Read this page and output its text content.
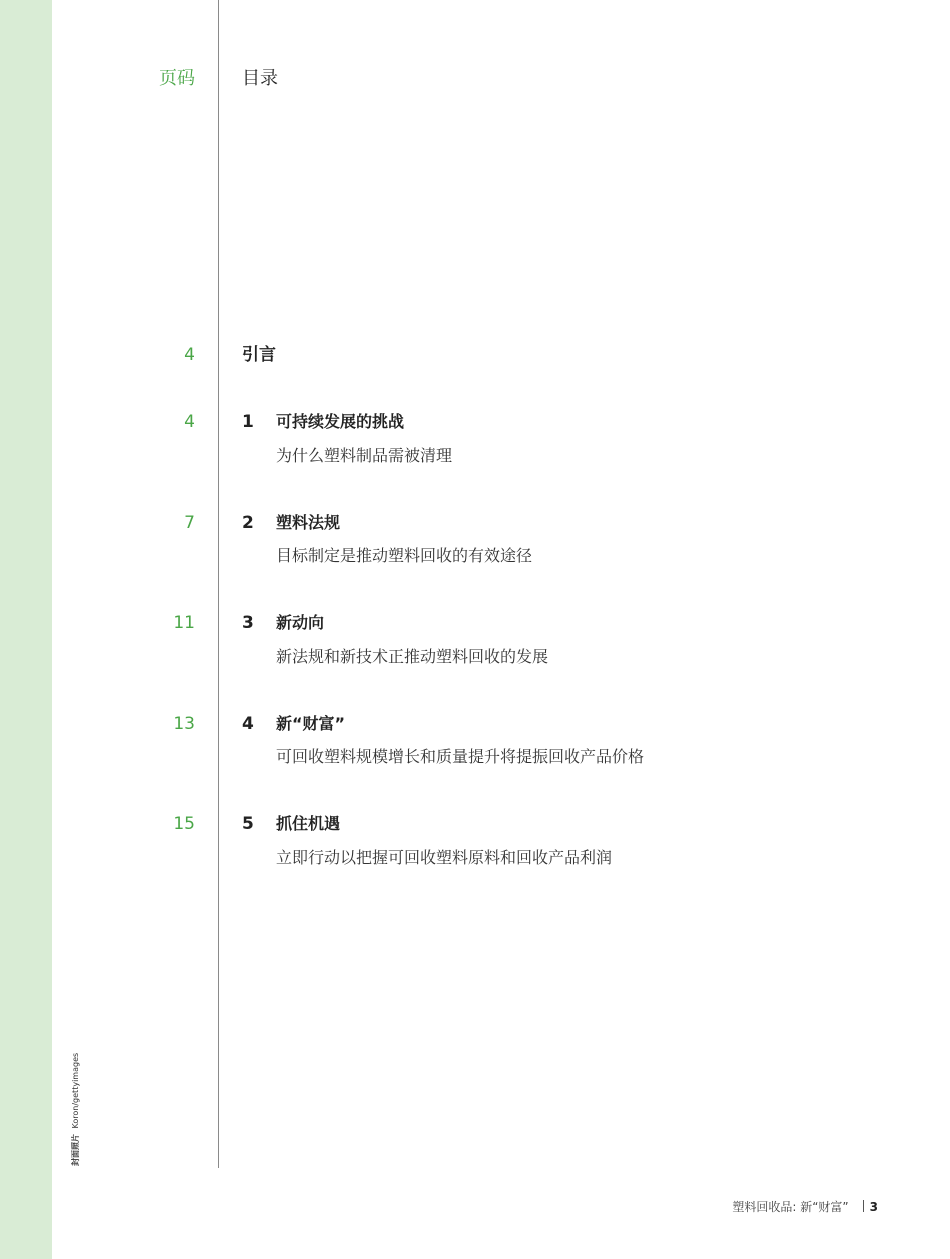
封面照片 Koron/gettyimages
页码	目录
4	引言
4	1 可持续发展的挑战
为什么塑料制品需被清理
7	2 塑料法规
目标制定是推动塑料回收的有效途径
11	3 新动向
新法规和新技术正推动塑料回收的发展
13	4 新“财富”
可回收塑料规模增长和质量提升将提振回收产品价格
15	5 抓住机遇
立即行动以把握可回收塑料原料和回收产品利润
塑料回收品: 新“财富” 3
